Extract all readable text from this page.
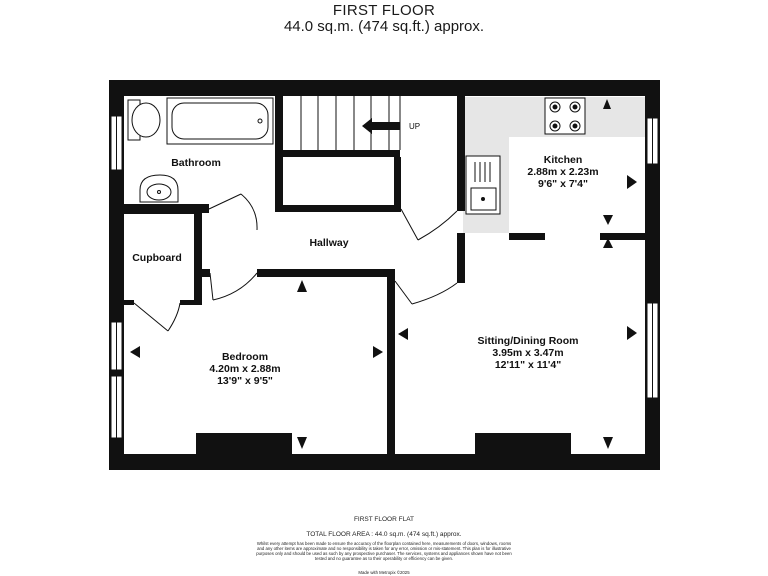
FIRST FLOOR
44.0 sq.m. (474 sq.ft.) approx.
UP
Bathroom
Cupboard
Hallway
Kitchen
2.88m x 2.23m
9'6" x 7'4"
Bedroom
4.20m x 2.88m
13'9" x 9'5"
Sitting/Dining Room
3.95m x 3.47m
12'11" x 11'4"
FIRST FLOOR FLAT
TOTAL FLOOR AREA : 44.0 sq.m. (474 sq.ft.) approx.
Whilst every attempt has been made to ensure the accuracy of the floorplan contained here, measurements of doors, windows, rooms and any other items are approximate and no responsibility is taken for any error, omission or mis-statement. This plan is for illustrative purposes only and should be used as such by any prospective purchaser. The services, systems and appliances shown have not been tested and no guarantee as to their operability or efficiency can be given.
Made with Metropix ©2025
